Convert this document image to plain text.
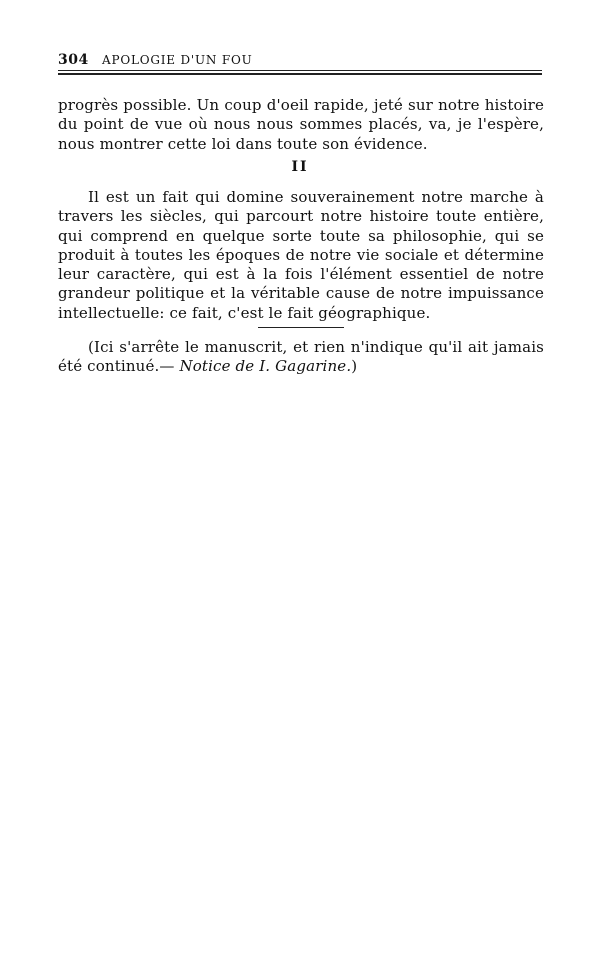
304 APOLOGIE D'UN FOU

progrès possible. Un coup d'oeil rapide, jeté sur notre histoire du point de vue où nous nous sommes placés, va, je l'espère, nous montrer cette loi dans toute son évidence.

II

Il est un fait qui domine souverainement notre marche à travers les siècles, qui parcourt notre histoire toute entière, qui comprend en quelque sorte toute sa philosophie, qui se produit à toutes les époques de notre vie sociale et détermine leur caractère, qui est à la fois l'élément essentiel de notre grandeur politique et la véritable cause de notre impuissance intellectuelle: ce fait, c'est le fait géographique.

(Ici s'arrête le manuscrit, et rien n'indique qu'il ait jamais été continué.— Notice de I. Gagarine.)
